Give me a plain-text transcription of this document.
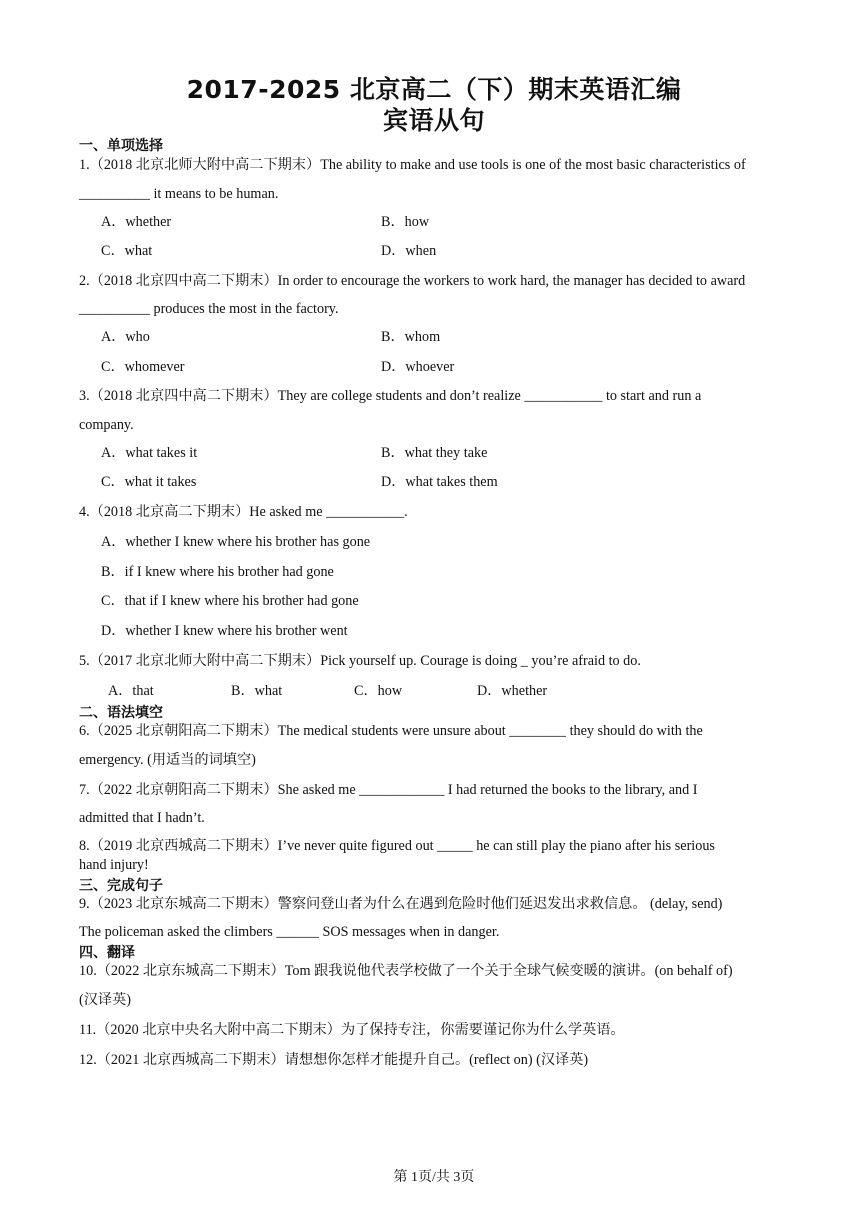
2017-2025 北京高二（下）期末英语汇编
宾语从句
一、单项选择
1.（2018 北京北师大附中高二下期末）The ability to make and use tools is one of the most basic characteristics of
__________ it means to be human.
A．whether	B．how
C．what	D．when
2.（2018 北京四中高二下期末）In order to encourage the workers to work hard, the manager has decided to award
__________ produces the most in the factory.
A．who	B．whom
C．whomever	D．whoever
3.（2018 北京四中高二下期末）They are college students and don’t realize ___________ to start and run a
company.
A．what takes it	B．what they take
C．what it takes	D．what takes them
4.（2018 北京高二下期末）He asked me ___________.
A．whether I knew where his brother has gone
B．if I knew where his brother had gone
C．that if I knew where his brother had gone
D．whether I knew where his brother went
5.（2017 北京北师大附中高二下期末）Pick yourself up. Courage is doing _ you’re afraid to do.
A．that	B．what	C．how	D．whether
二、语法填空
6.（2025 北京朝阳高二下期末）The medical students were unsure about ________ they should do with the
emergency. (用适当的词填空)
7.（2022 北京朝阳高二下期末）She asked me ____________ I had returned the books to the library, and I
admitted that I hadn’t.
8.（2019 北京西城高二下期末）I’ve never quite figured out _____ he can still play the piano after his serious
hand injury!
三、完成句子
9.（2023 北京东城高二下期末）警察问登山者为什么在遇到危险时他们延迟发出求救信息。 (delay, send)
The policeman asked the climbers ______ SOS messages when in danger.
四、翻译
10.（2022 北京东城高二下期末）Tom 跟我说他代表学校做了一个关于全球气候变暖的演讲。(on behalf of)
(汉译英)
11.（2020 北京中央名大附中高二下期末）为了保持专注，你需要谨记你为什么学英语。
12.（2021 北京西城高二下期末）请想想你怎样才能提升自己。(reflect on) (汉译英)
第 1页/共 3页
